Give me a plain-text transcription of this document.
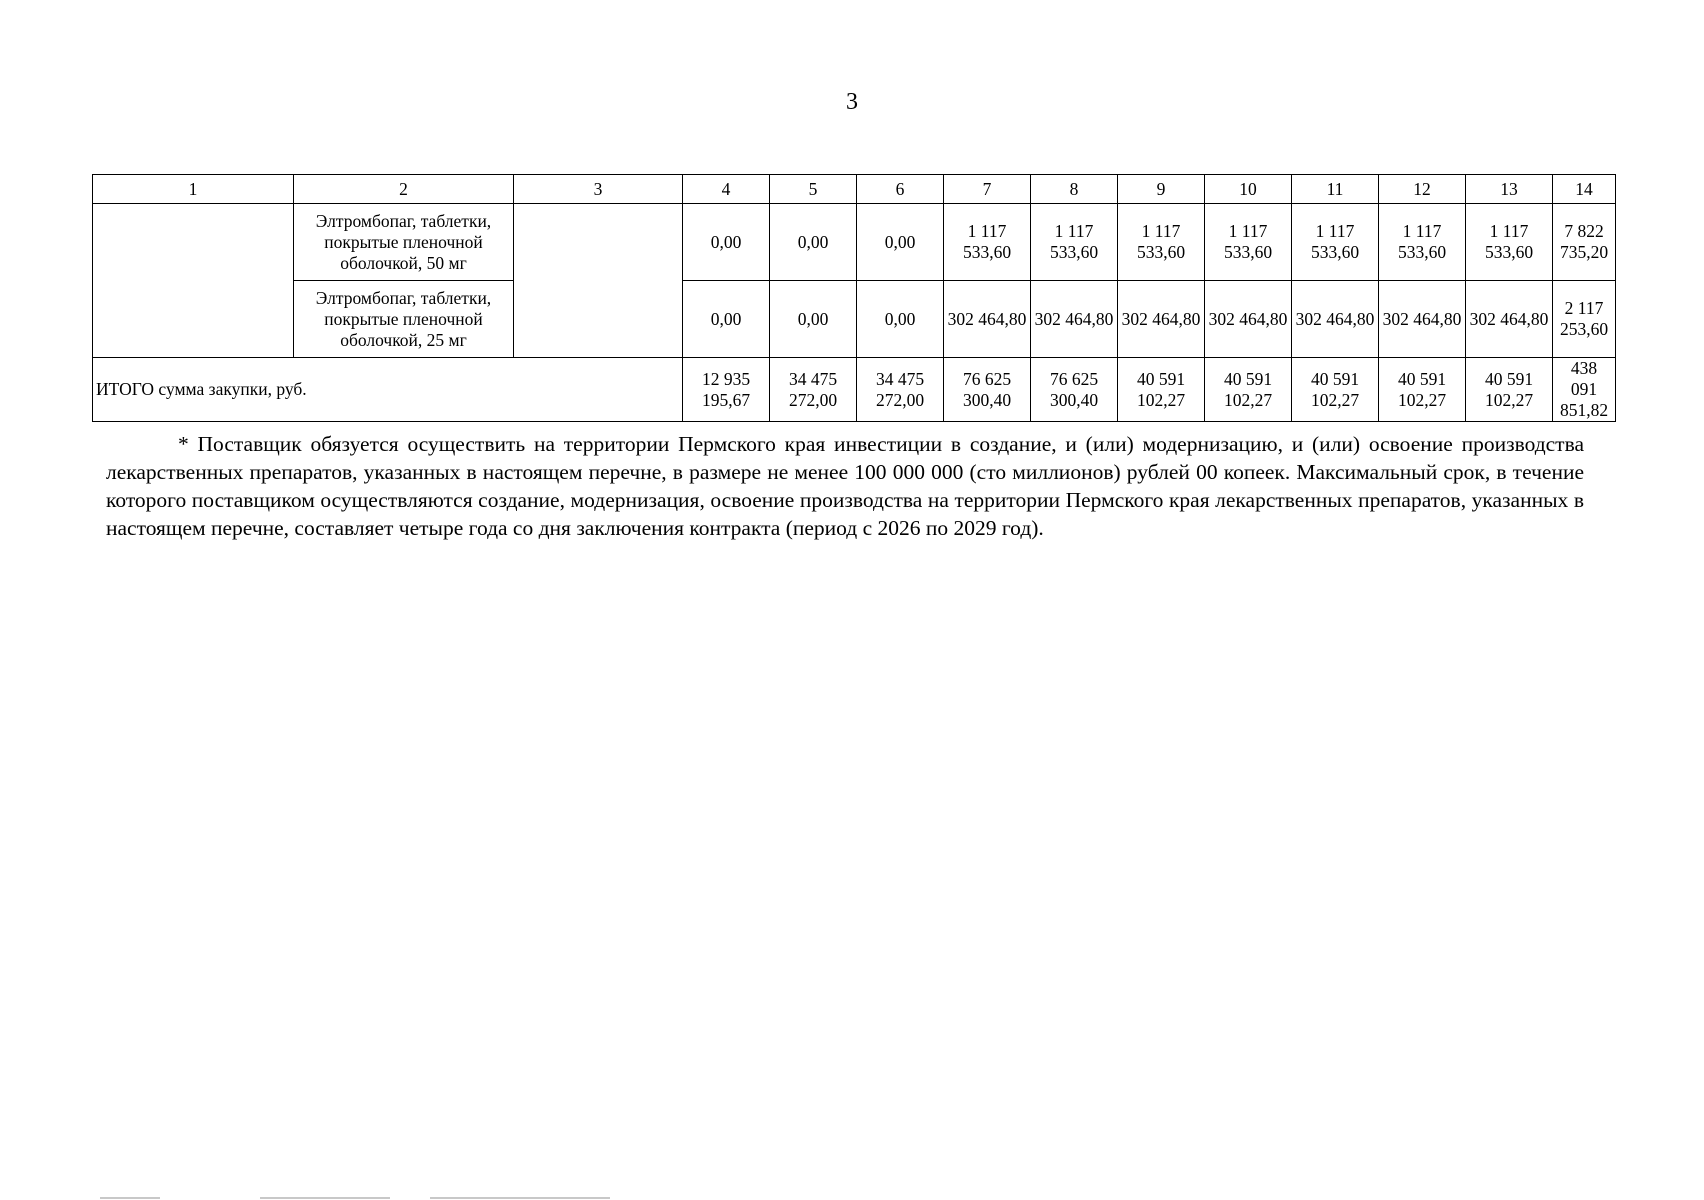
3
1	2	3	4	5	6	7	8	9	10	11	12	13	14
	Элтромбопаг, таблетки, покрытые пленочной оболочкой, 50 мг		0,00	0,00	0,00	1 117 533,60	1 117 533,60	1 117 533,60	1 117 533,60	1 117 533,60	1 117 533,60	1 117 533,60	7 822 735,20
	Элтромбопаг, таблетки, покрытые пленочной оболочкой, 25 мг		0,00	0,00	0,00	302 464,80	302 464,80	302 464,80	302 464,80	302 464,80	302 464,80	302 464,80	2 117 253,60
ИТОГО сумма закупки, руб.			12 935 195,67	34 475 272,00	34 475 272,00	76 625 300,40	76 625 300,40	40 591 102,27	40 591 102,27	40 591 102,27	40 591 102,27	40 591 102,27	438 091 851,82

* Поставщик обязуется осуществить на территории Пермского края инвестиции в создание, и (или) модернизацию, и (или) освоение производства лекарственных препаратов, указанных в настоящем перечне, в размере не менее 100 000 000 (сто миллионов) рублей 00 копеек. Максимальный срок, в течение которого поставщиком осуществляются создание, модернизация, освоение производства на территории Пермского края лекарственных препаратов, указанных в настоящем перечне, составляет четыре года со дня заключения контракта (период с 2026 по 2029 год).
